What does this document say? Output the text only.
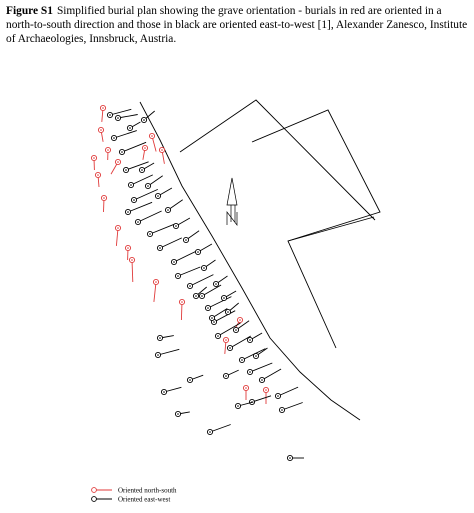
Figure S1 Simplified burial plan showing the grave orientation - burials in red are oriented in a north-to-south direction and those in black are oriented east-to-west [1], Alexander Zanesco, Institute of Archaeologies, Innsbruck, Austria.
Oriented north-south
Oriented east-west
